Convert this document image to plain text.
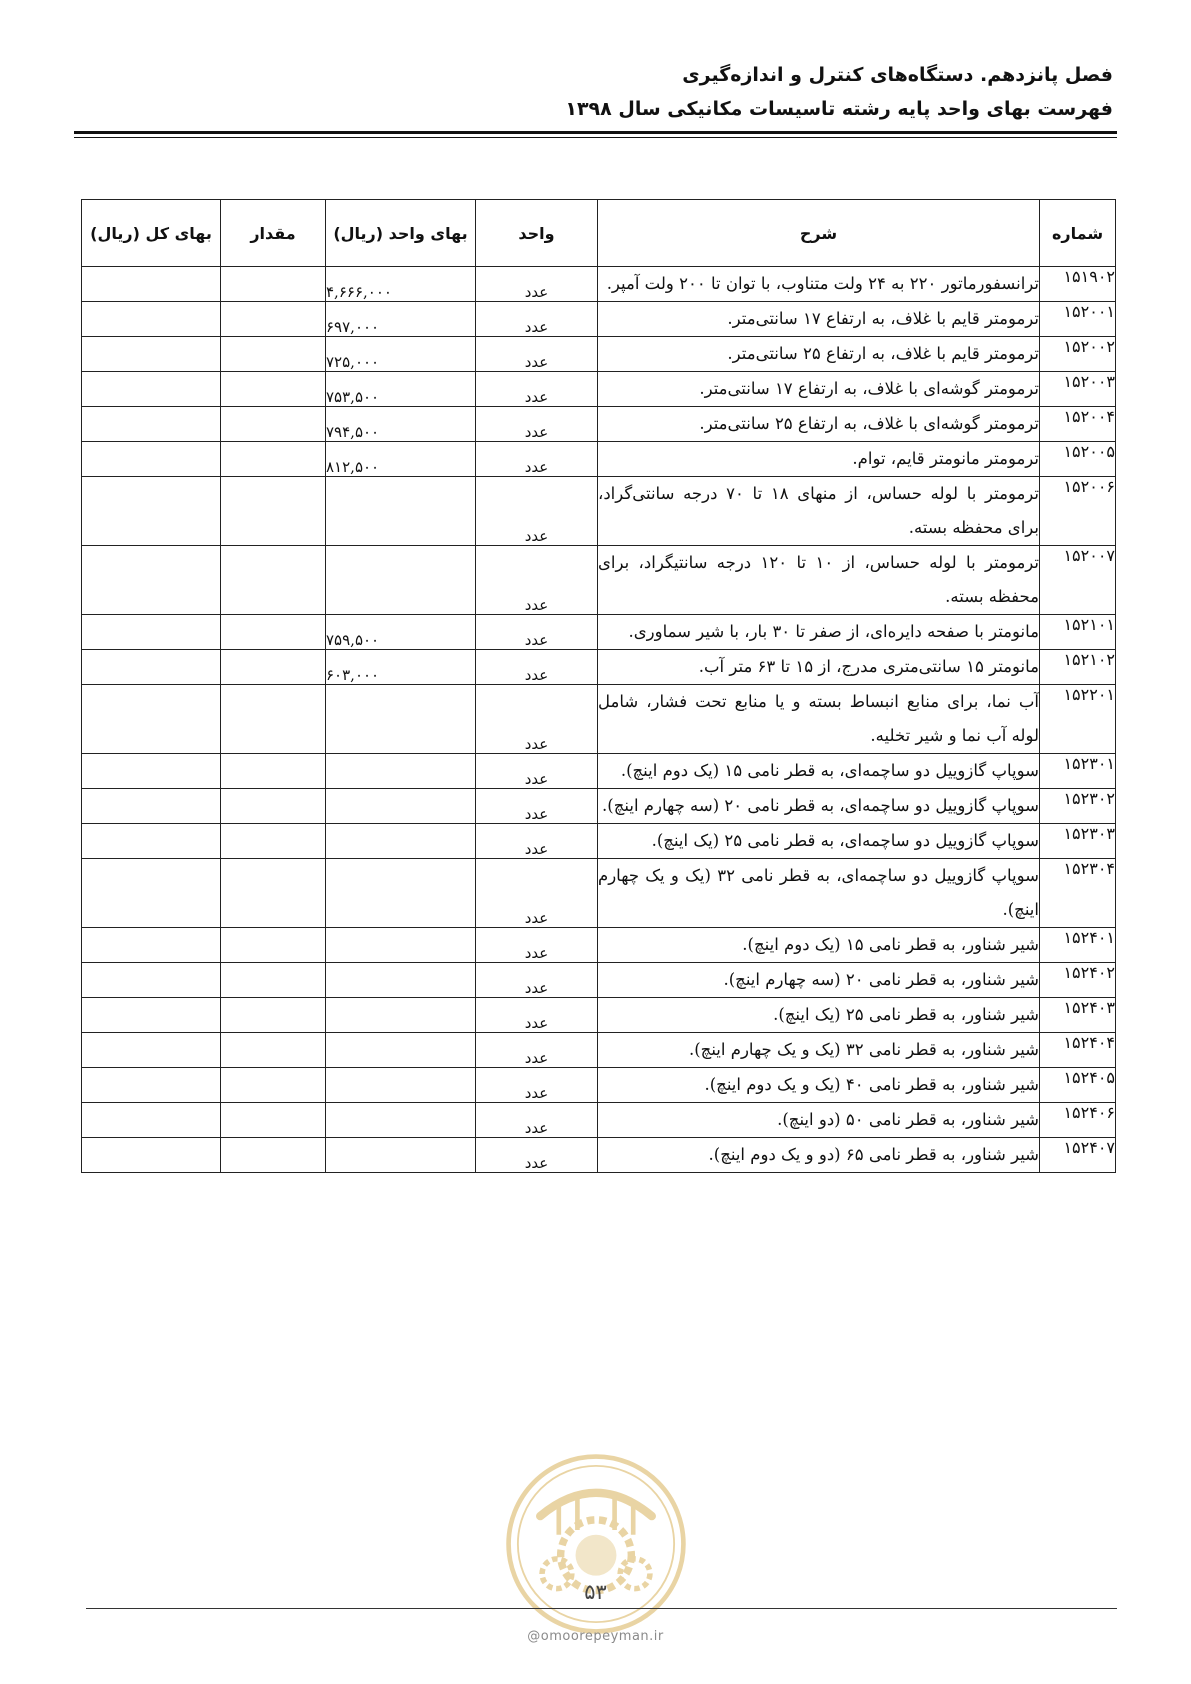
فصل پانزدهم. دستگاه‌های کنترل و اندازه‌گیری
فهرست بهای واحد پایه رشته تاسیسات مکانیکی سال ۱۳۹۸
شماره	شرح	واحد	بهای واحد (ریال)	مقدار	بهای کل (ریال)
۱۵۱۹۰۲	ترانسفورماتور ۲۲۰ به ۲۴ ولت متناوب، با توان تا ۲۰۰ ولت آمپر.	عدد	۴,۶۶۶,۰۰۰		
۱۵۲۰۰۱	ترمومتر قایم با غلاف، به ارتفاع ۱۷ سانتی‌متر.	عدد	۶۹۷,۰۰۰		
۱۵۲۰۰۲	ترمومتر قایم با غلاف، به ارتفاع ۲۵ سانتی‌متر.	عدد	۷۲۵,۰۰۰		
۱۵۲۰۰۳	ترمومتر گوشه‌ای با غلاف، به ارتفاع ۱۷ سانتی‌متر.	عدد	۷۵۳,۵۰۰		
۱۵۲۰۰۴	ترمومتر گوشه‌ای با غلاف، به ارتفاع ۲۵ سانتی‌متر.	عدد	۷۹۴,۵۰۰		
۱۵۲۰۰۵	ترمومتر مانومتر قایم، توام.	عدد	۸۱۲,۵۰۰		
۱۵۲۰۰۶	ترمومتر با لوله حساس، از منهای ۱۸ تا ۷۰ درجه سانتی‌گراد، برای محفظه بسته.	عدد			
۱۵۲۰۰۷	ترمومتر با لوله حساس، از ۱۰ تا ۱۲۰ درجه سانتیگراد، برای محفظه بسته.	عدد			
۱۵۲۱۰۱	مانومتر با صفحه دایره‌ای، از صفر تا ۳۰ بار، با شیر سماوری.	عدد	۷۵۹,۵۰۰		
۱۵۲۱۰۲	مانومتر ۱۵ سانتی‌متری مدرج، از ۱۵ تا ۶۳ متر آب.	عدد	۶۰۳,۰۰۰		
۱۵۲۲۰۱	آب نما، برای منابع انبساط بسته و یا منابع تحت فشار، شامل لوله آب نما و شیر تخلیه.	عدد			
۱۵۲۳۰۱	سوپاپ گازوییل دو ساچمه‌ای، به قطر نامی ۱۵ (یک دوم اینچ).	عدد			
۱۵۲۳۰۲	سوپاپ گازوییل دو ساچمه‌ای، به قطر نامی ۲۰ (سه چهارم اینچ).	عدد			
۱۵۲۳۰۳	سوپاپ گازوییل دو ساچمه‌ای، به قطر نامی ۲۵ (یک اینچ).	عدد			
۱۵۲۳۰۴	سوپاپ گازوییل دو ساچمه‌ای، به قطر نامی ۳۲ (یک و یک چهارم اینچ).	عدد			
۱۵۲۴۰۱	شیر شناور، به قطر نامی ۱۵ (یک دوم اینچ).	عدد			
۱۵۲۴۰۲	شیر شناور، به قطر نامی ۲۰ (سه چهارم اینچ).	عدد			
۱۵۲۴۰۳	شیر شناور، به قطر نامی ۲۵ (یک اینچ).	عدد			
۱۵۲۴۰۴	شیر شناور، به قطر نامی ۳۲ (یک و یک چهارم اینچ).	عدد			
۱۵۲۴۰۵	شیر شناور، به قطر نامی ۴۰ (یک و یک دوم اینچ).	عدد			
۱۵۲۴۰۶	شیر شناور، به قطر نامی ۵۰ (دو اینچ).	عدد			
۱۵۲۴۰۷	شیر شناور، به قطر نامی ۶۵ (دو و یک دوم اینچ).	عدد			
۵۳
@omoorepeyman.ir
